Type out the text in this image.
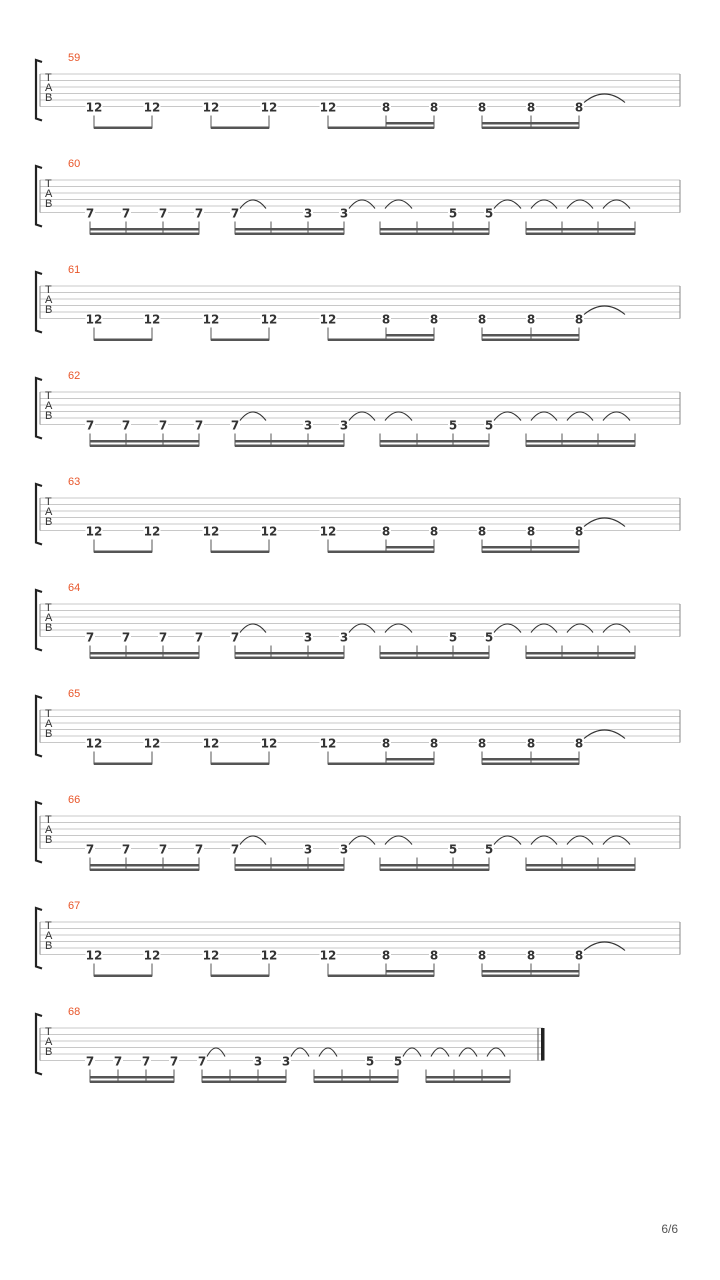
T
A
B
59
12	12	12	12	12	8	8	8	8	8
T
A
B
60
7 7 7 7 7	3 3	5 5
T
A
B
61
12	12	12	12	12	8	8	8	8	8
T
A
B
62
7 7 7 7 7	3 3	5 5
T
A
B
63
12	12	12	12	12	8	8	8	8	8
T
A
B
64
7 7 7 7 7	3 3	5 5
T
A
B
65
12	12	12	12	12	8	8	8	8	8
T
A
B
66
7 7 7 7 7	3 3	5 5
T
A
B
67
12	12	12	12	12	8	8	8	8	8
T
A
B
68
7 7 7 7 7	3 3	5 5
6/6
